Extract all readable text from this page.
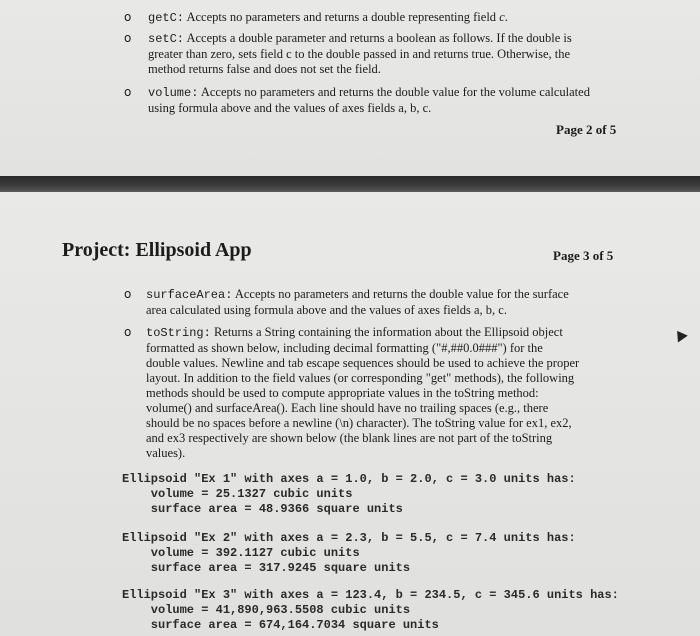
o getC: Accepts no parameters and returns a double representing field c.
o setC: Accepts a double parameter and returns a boolean as follows. If the double is
greater than zero, sets field c to the double passed in and returns true. Otherwise, the
method returns false and does not set the field.
o volume: Accepts no parameters and returns the double value for the volume calculated
using formula above and the values of axes fields a, b, c.
Page 2 of 5
Project: Ellipsoid App	Page 3 of 5
o surfaceArea: Accepts no parameters and returns the double value for the surface
area calculated using formula above and the values of axes fields a, b, c.
o toString: Returns a String containing the information about the Ellipsoid object
formatted as shown below, including decimal formatting ("#,##0.0###") for the
double values. Newline and tab escape sequences should be used to achieve the proper
layout. In addition to the field values (or corresponding "get" methods), the following
methods should be used to compute appropriate values in the toString method:
volume() and surfaceArea(). Each line should have no trailing spaces (e.g., there
should be no spaces before a newline (\n) character). The toString value for ex1, ex2,
and ex3 respectively are shown below (the blank lines are not part of the toString
values).
Ellipsoid "Ex 1" with axes a = 1.0, b = 2.0, c = 3.0 units has:
volume = 25.1327 cubic units
surface area = 48.9366 square units
Ellipsoid "Ex 2" with axes a = 2.3, b = 5.5, c = 7.4 units has:
volume = 392.1127 cubic units
surface area = 317.9245 square units
Ellipsoid "Ex 3" with axes a = 123.4, b = 234.5, c = 345.6 units has:
volume = 41,890,963.5508 cubic units
surface area = 674,164.7034 square units
